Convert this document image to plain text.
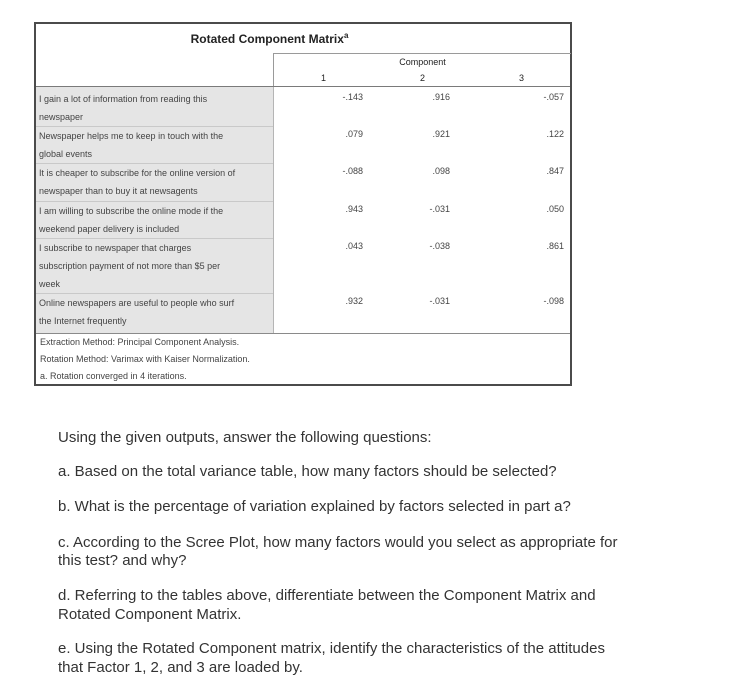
Rotated Component Matrix$^a$
Component
1	2	3
I gain a lot of information from reading this
newspaper
-.143	.916	-.057
Newspaper helps me to keep in touch with the
global events
.079	.921	.122
It is cheaper to subscribe for the online version of
newspaper than to buy it at newsagents
-.088	.098	.847
I am willing to subscribe the online mode if the
weekend paper delivery is included
.943	-.031	.050
I subscribe to newspaper that charges
subscription payment of not more than $5 per
week
.043	-.038	.861
Online newspapers are useful to people who surf
the Internet frequently
.932	-.031	-.098
Extraction Method: Principal Component Analysis.
Rotation Method: Varimax with Kaiser Normalization.
a. Rotation converged in 4 iterations.
Using the given outputs, answer the following questions:
a. Based on the total variance table, how many factors should be selected?
b. What is the percentage of variation explained by factors selected in part a?
c. According to the Scree Plot, how many factors would you select as appropriate for
this test? and why?
d. Referring to the tables above, differentiate between the Component Matrix and
Rotated Component Matrix.
e. Using the Rotated Component matrix, identify the characteristics of the attitudes
that Factor 1, 2, and 3 are loaded by.
